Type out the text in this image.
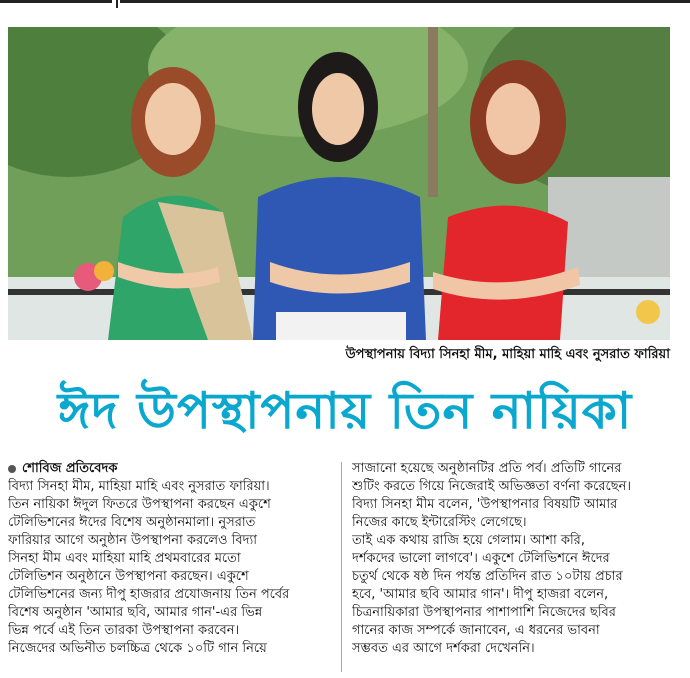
উপস্থাপনায় বিদ্যা সিনহা মীম, মাহিয়া মাহি এবং নুসরাত ফারিয়া
ঈদ উপস্থাপনায় তিন নায়িকা
শোবিজ প্রতিবেদক
বিদ্যা সিনহা মীম, মাহিয়া মাহি এবং নুসরাত ফারিয়া।
তিন নায়িকা ঈদুল ফিতরে উপস্থাপনা করছেন একুশে
টেলিভিশনের ঈদের বিশেষ অনুষ্ঠানমালা। নুসরাত
ফারিয়ার আগে অনুষ্ঠান উপস্থাপনা করলেও বিদ্যা
সিনহা মীম এবং মাহিয়া মাহি প্রথমবারের মতো
টেলিভিশন অনুষ্ঠানে উপস্থাপনা করছেন। একুশে
টেলিভিশনের জন্য দীপু হাজরার প্রযোজনায় তিন পর্বের
বিশেষ অনুষ্ঠান 'আমার ছবি, আমার গান'-এর ভিন্ন
ভিন্ন পর্বে এই তিন তারকা উপস্থাপনা করবেন।
নিজেদের অভিনীত চলচ্চিত্র থেকে ১০টি গান নিয়ে
সাজানো হয়েছে অনুষ্ঠানটির প্রতি পর্ব। প্রতিটি গানের
শুটিং করতে গিয়ে নিজেরাই অভিজ্ঞতা বর্ণনা করেছেন।
বিদ্যা সিনহা মীম বলেন, 'উপস্থাপনার বিষয়টি আমার
নিজের কাছে ইন্টারেস্টিং লেগেছে।
তাই এক কথায় রাজি হয়ে গেলাম। আশা করি,
দর্শকদের ভালো লাগবে'। একুশে টেলিভিশনে ঈদের
চতুর্থ থেকে ষষ্ঠ দিন পর্যন্ত প্রতিদিন রাত ১০টায় প্রচার
হবে, 'আমার ছবি আমার গান'। দীপু হাজরা বলেন,
চিত্রনায়িকারা উপস্থাপনার পাশাপাশি নিজেদের ছবির
গানের কাজ সম্পর্কে জানাবেন, এ ধরনের ভাবনা
সম্ভবত এর আগে দর্শকরা দেখেননি।
